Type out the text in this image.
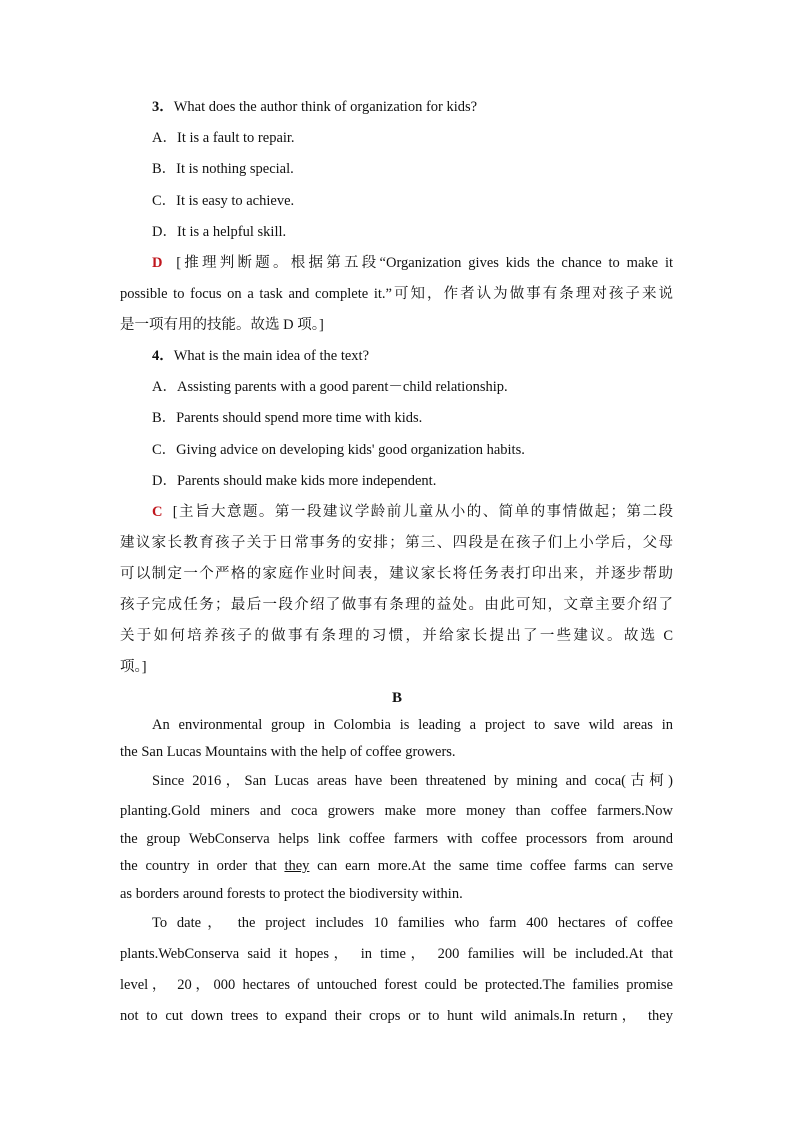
3．What does the author think of organization for kids?
A．It is a fault to repair.
B．It is nothing special.
C．It is easy to achieve.
D．It is a helpful skill.
D [推理判断题。根据第五段“Organization gives kids the chance to make it
possible to focus on a task and complete it.”可知，作者认为做事有条理对孩子来说
是一项有用的技能。故选 D 项。]
4．What is the main idea of the text?
A．Assisting parents with a good parent－child relationship.
B．Parents should spend more time with kids.
C．Giving advice on developing kids' good organization habits.
D．Parents should make kids more independent.
C [主旨大意题。第一段建议学龄前儿童从小的、简单的事情做起；第二段
建议家长教育孩子关于日常事务的安排；第三、四段是在孩子们上小学后，父母
可以制定一个严格的家庭作业时间表，建议家长将任务表打印出来，并逐步帮助
孩子完成任务；最后一段介绍了做事有条理的益处。由此可知，文章主要介绍了
关于如何培养孩子的做事有条理的习惯，并给家长提出了一些建议。故选 C
项。]
B
An environmental group in Colombia is leading a project to save wild areas in
the San Lucas Mountains with the help of coffee growers.
Since 2016，San Lucas areas have been threatened by mining and coca(古柯)
planting.Gold miners and coca growers make more money than coffee farmers.Now
the group WebConserva helps link coffee farmers with coffee processors from around
the country in order that they can earn more.At the same time coffee farms can serve
as borders around forests to protect the biodiversity within.
To date， the project includes 10 families who farm 400 hectares of coffee
plants.WebConserva said it hopes， in time， 200 families will be included.At that
level， 20，000 hectares of untouched forest could be protected.The families promise
not to cut down trees to expand their crops or to hunt wild animals.In return， they
